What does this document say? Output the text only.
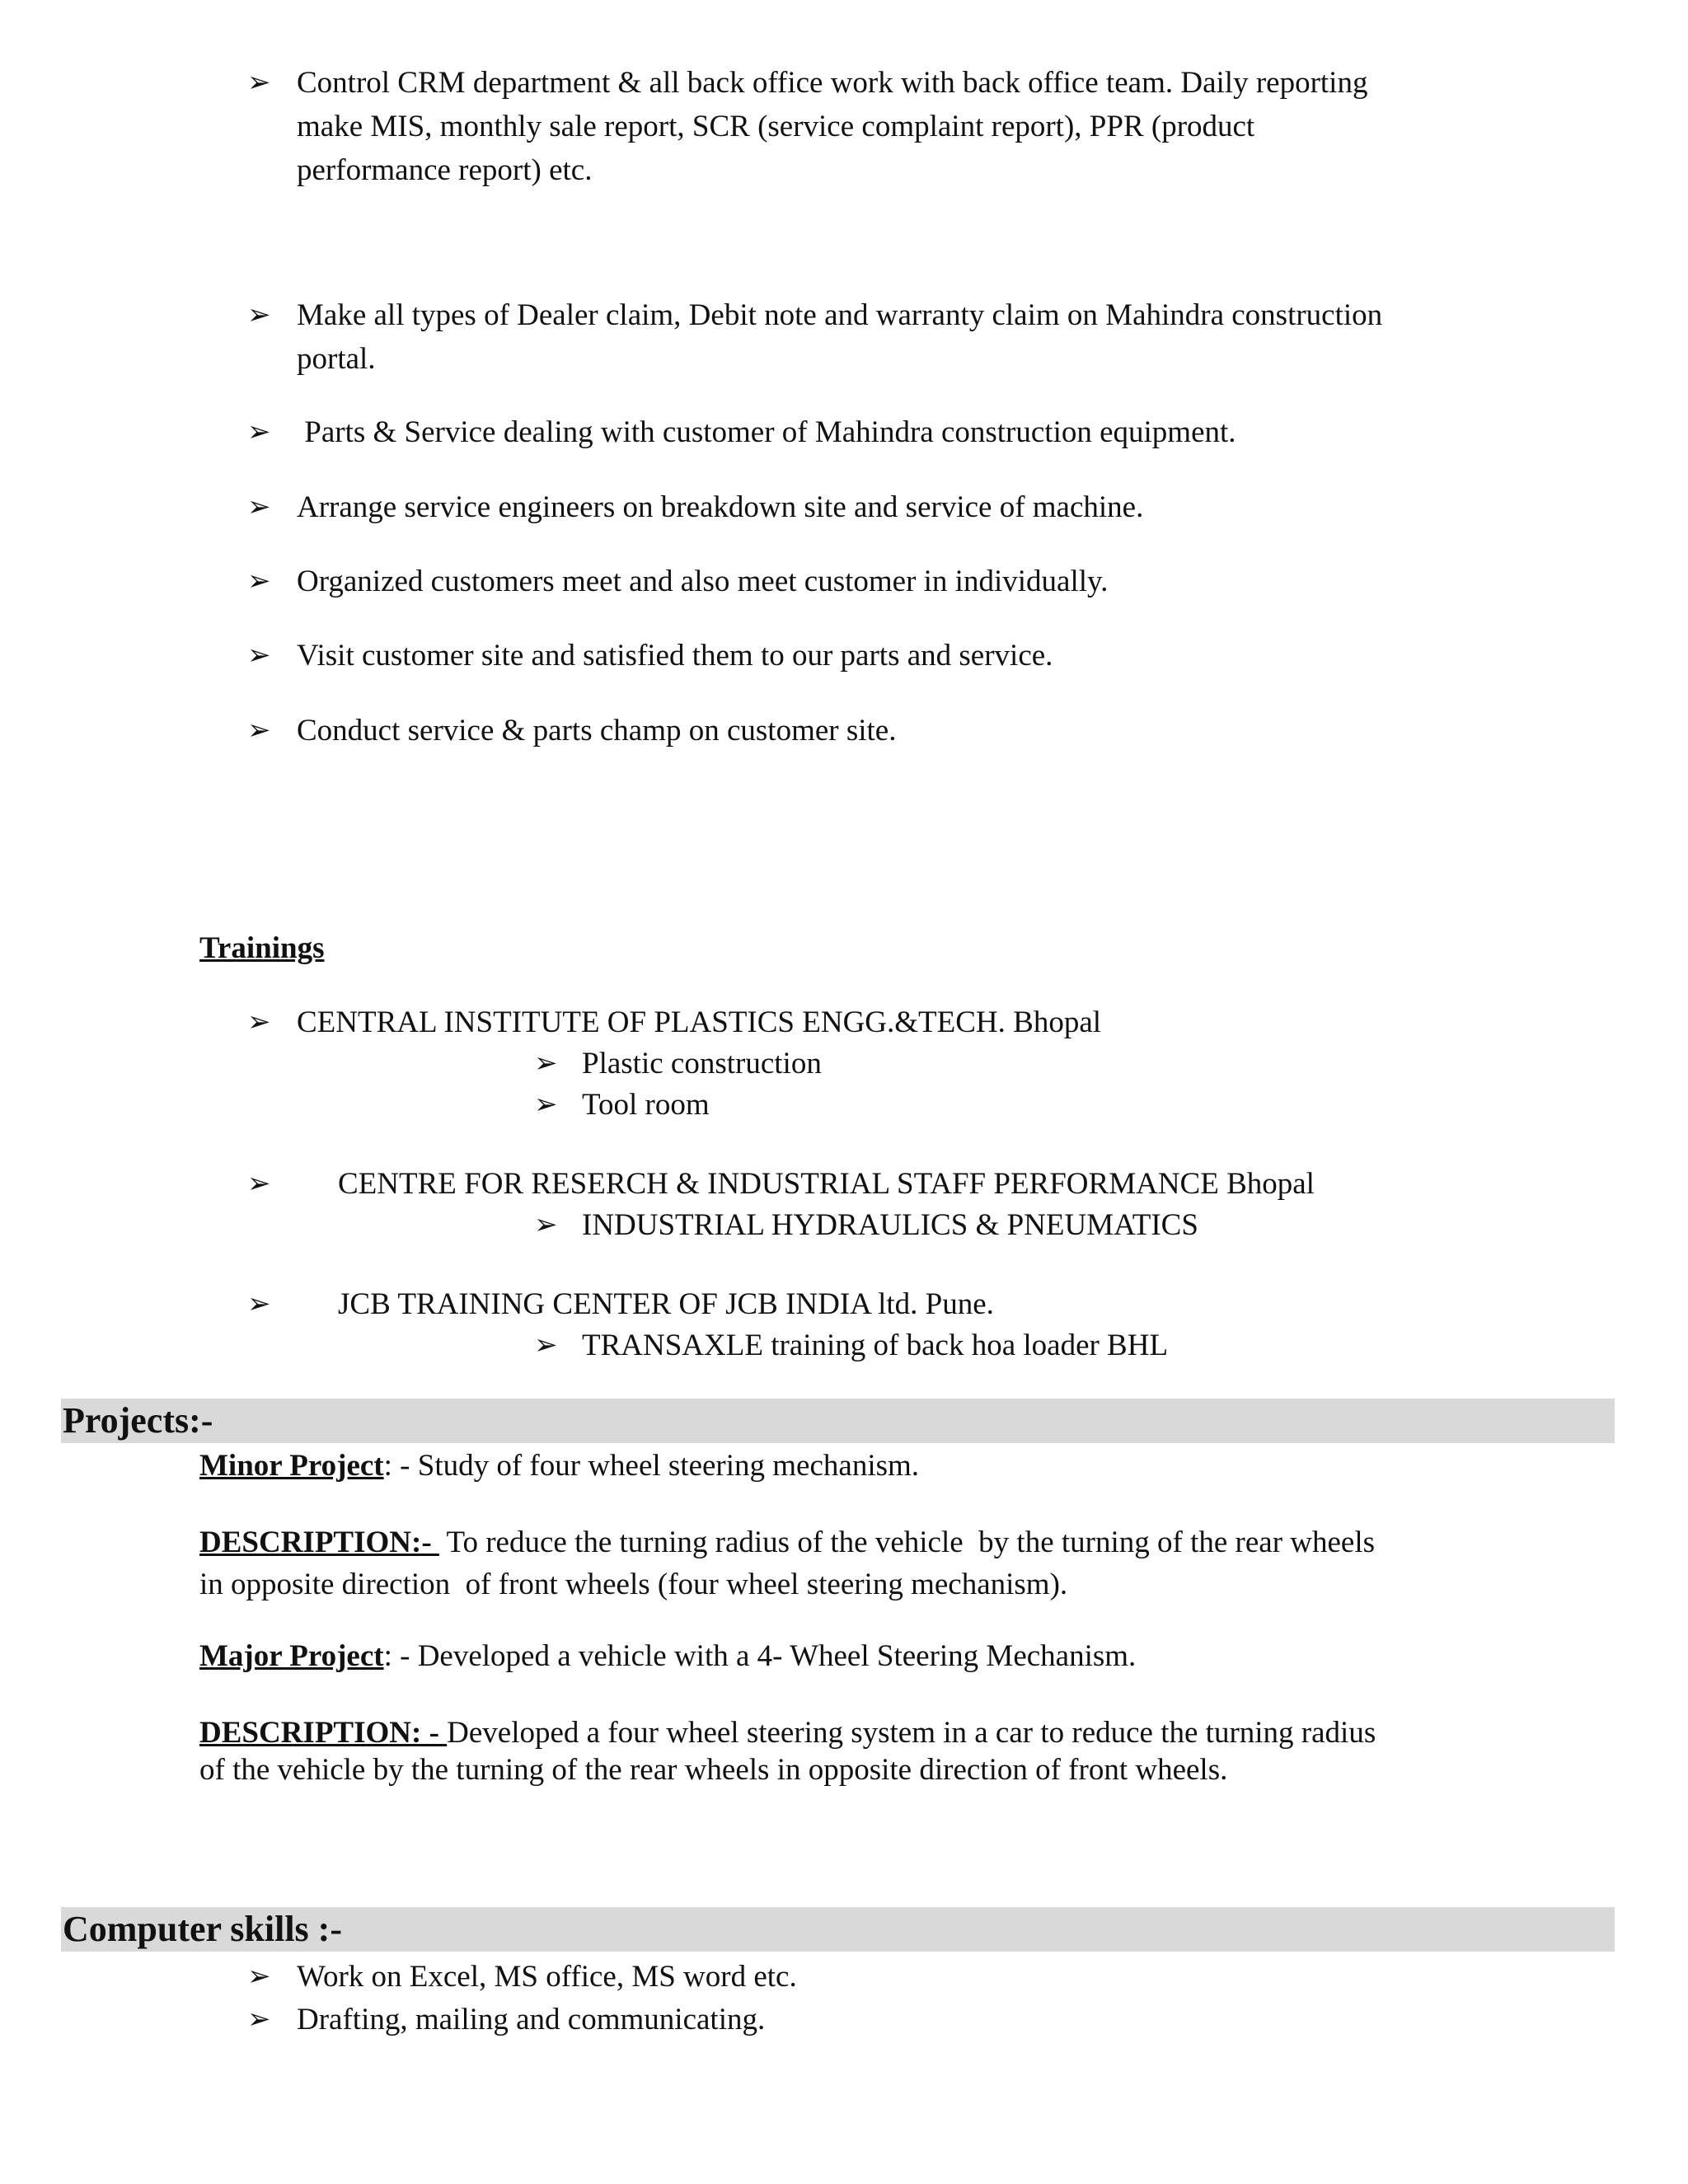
➢ Control CRM department & all back office work with back office team. Daily reporting
make MIS, monthly sale report, SCR (service complaint report), PPR (product
performance report) etc.
➢ Make all types of Dealer claim, Debit note and warranty claim on Mahindra construction
portal.
➢ Parts & Service dealing with customer of Mahindra construction equipment.
➢ Arrange service engineers on breakdown site and service of machine.
➢ Organized customers meet and also meet customer in individually.
➢ Visit customer site and satisfied them to our parts and service.
➢ Conduct service & parts champ on customer site.
Trainings
➢ CENTRAL INSTITUTE OF PLASTICS ENGG.&TECH. Bhopal
➢ Plastic construction
➢ Tool room
➢ CENTRE FOR RESERCH & INDUSTRIAL STAFF PERFORMANCE Bhopal
➢ INDUSTRIAL HYDRAULICS & PNEUMATICS
➢ JCB TRAINING CENTER OF JCB INDIA ltd. Pune.
➢ TRANSAXLE training of back hoa loader BHL
Projects:-
Minor Project: - Study of four wheel steering mechanism.
DESCRIPTION:-  To reduce the turning radius of the vehicle  by the turning of the rear wheels
in opposite direction  of front wheels (four wheel steering mechanism).
Major Project: - Developed a vehicle with a 4- Wheel Steering Mechanism.
DESCRIPTION: - Developed a four wheel steering system in a car to reduce the turning radius
of the vehicle by the turning of the rear wheels in opposite direction of front wheels.
Computer skills :-
➢ Work on Excel, MS office, MS word etc.
➢ Drafting, mailing and communicating.
